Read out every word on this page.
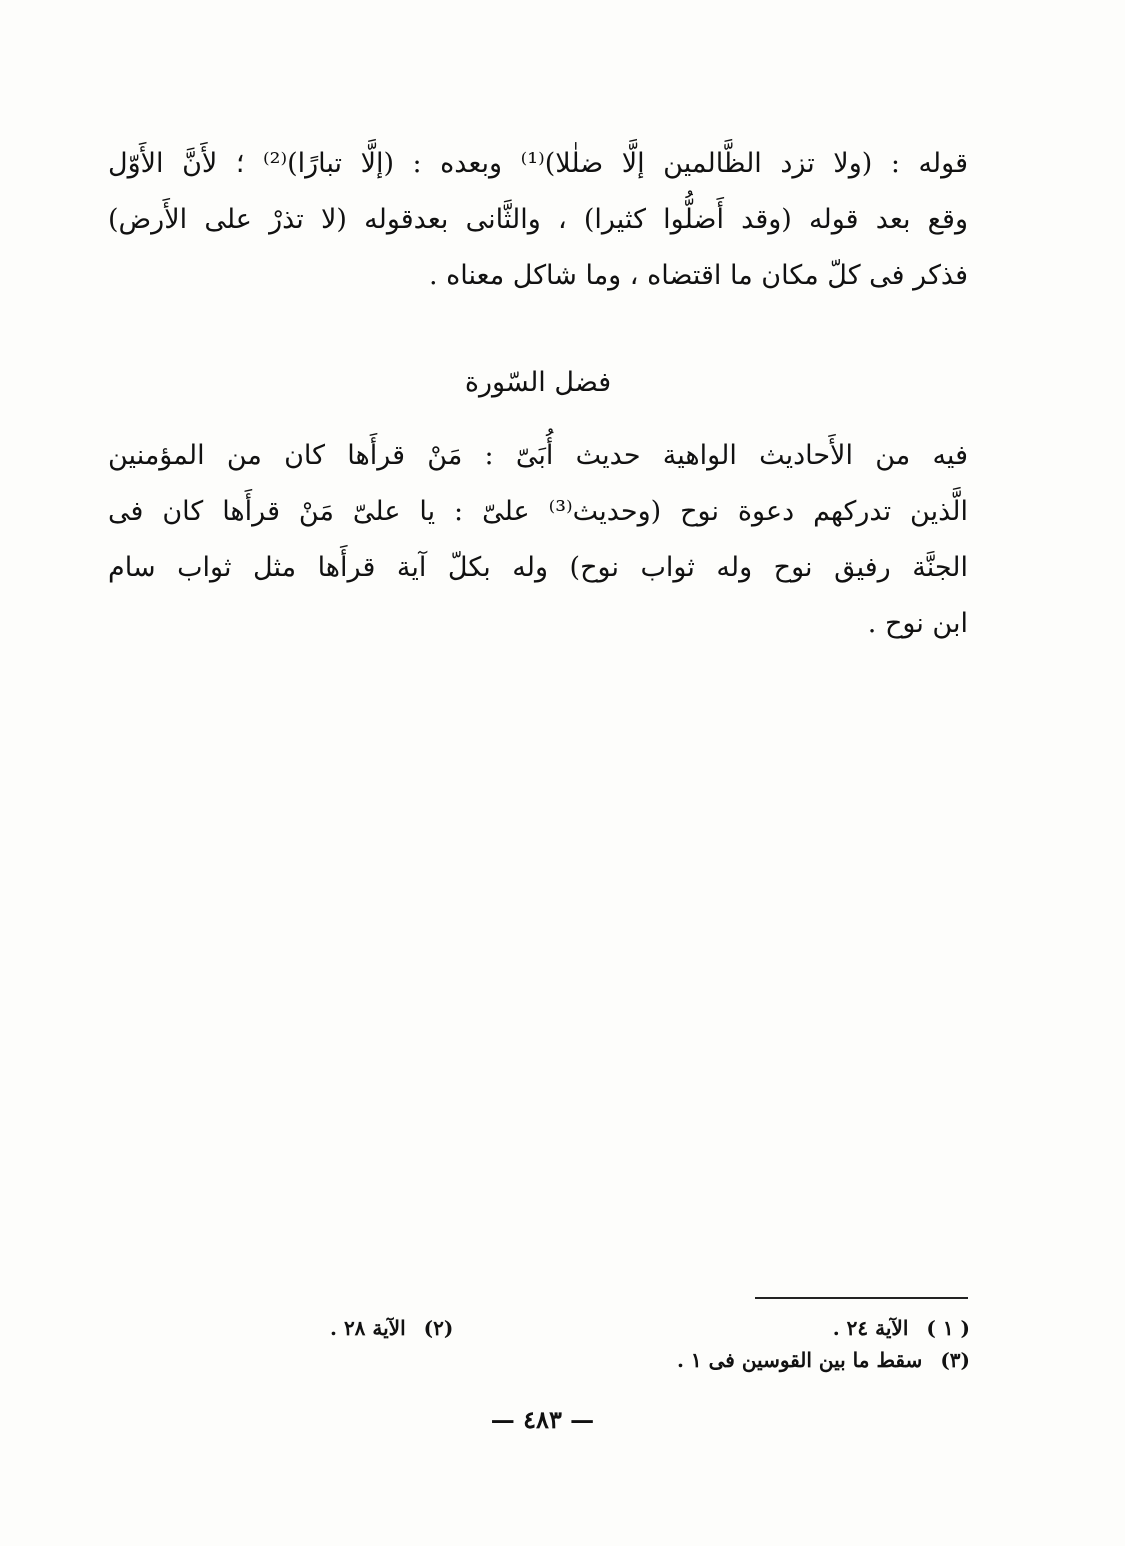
قوله : (ولا تزد الظَّالمين إلَّا ضلٰلا)⁽¹⁾ وبعده : (إلَّا تبارًا)⁽²⁾ ؛ لأَنَّ الأَوّل
وقع بعد قوله (وقد أَضلُّوا كثيرا) ، والثَّانى بعدقوله (لا تذرْ على الأَرض)
فذكر فى كلّ مكان ما اقتضاه ، وما شاكل معناه .
فضل السّورة
فيه من الأَحاديث الواهية حديث أُبَىّ : مَنْ قرأَها كان من المؤمنين
الَّذين تدركهم دعوة نوح (وحديث⁽³⁾ علىّ : يا علىّ مَنْ قرأَها كان فى
الجنَّة رفيق نوح وله ثواب نوح) وله بكلّ آية قرأَها مثل ثواب سام
ابن نوح .
( ١ )الآية ٢٤ .
(٢)الآية ٢٨ .
(٣)سقط ما بين القوسين فى ١ .
— ٤٨٣ —
